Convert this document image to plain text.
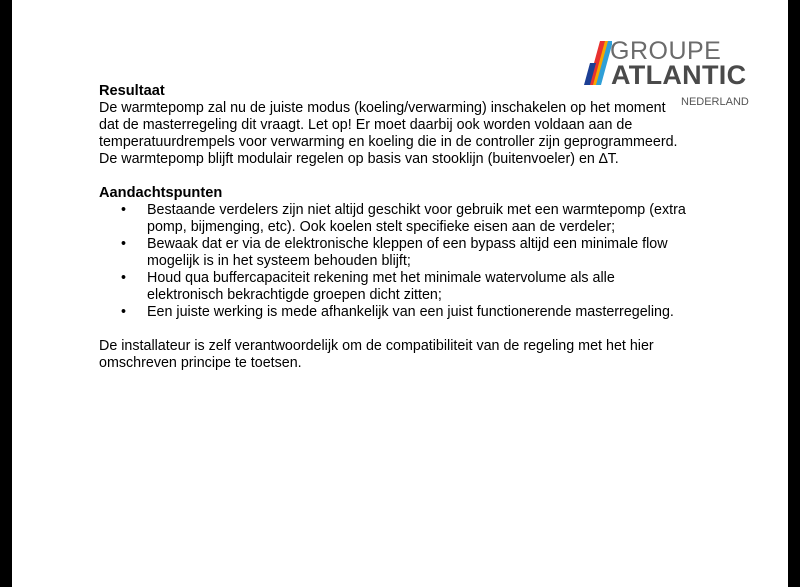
GROUPE
ATLANTIC
NEDERLAND
Resultaat
De warmtepomp zal nu de juiste modus (koeling/verwarming) inschakelen op het moment
dat de masterregeling dit vraagt. Let op! Er moet daarbij ook worden voldaan aan de
temperatuurdrempels voor verwarming en koeling die in de controller zijn geprogrammeerd.
De warmtepomp blijft modulair regelen op basis van stooklijn (buitenvoeler) en ∆T.
Aandachtspunten
• Bestaande verdelers zijn niet altijd geschikt voor gebruik met een warmtepomp (extra
pomp, bijmenging, etc). Ook koelen stelt specifieke eisen aan de verdeler;
• Bewaak dat er via de elektronische kleppen of een bypass altijd een minimale flow
mogelijk is in het systeem behouden blijft;
• Houd qua buffercapaciteit rekening met het minimale watervolume als alle
elektronisch bekrachtigde groepen dicht zitten;
• Een juiste werking is mede afhankelijk van een juist functionerende masterregeling.
De installateur is zelf verantwoordelijk om de compatibiliteit van de regeling met het hier
omschreven principe te toetsen.
